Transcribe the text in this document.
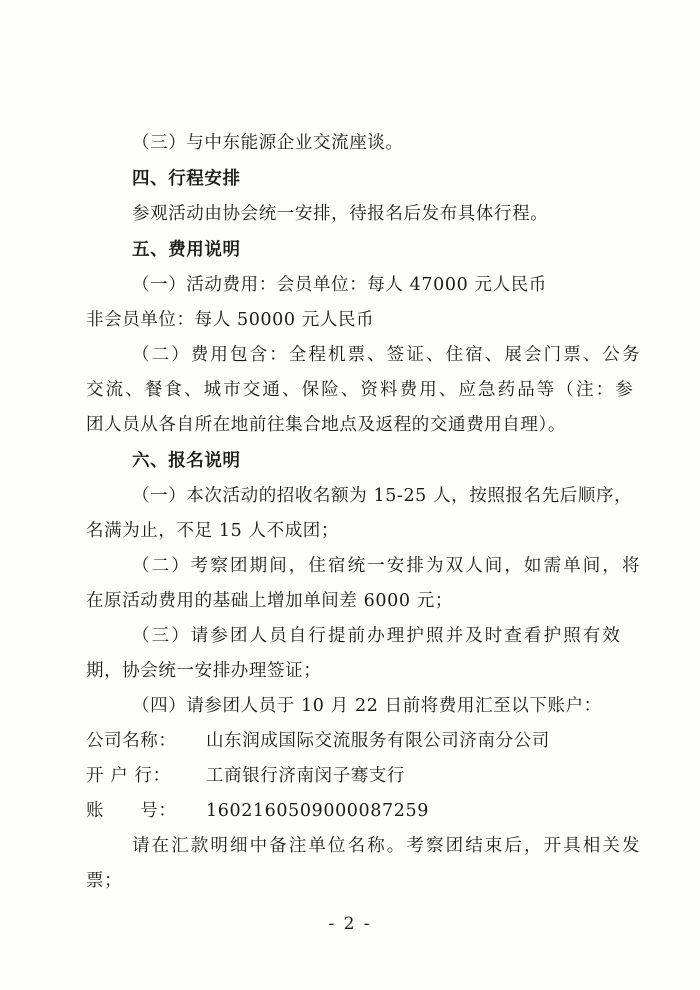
（三）与中东能源企业交流座谈。
四、行程安排
参观活动由协会统一安排，待报名后发布具体行程。
五、费用说明
（一）活动费用：会员单位：每人 47000 元人民币
非会员单位：每人 50000 元人民币
（二）费用包含：全程机票、签证、住宿、展会门票、公务
交流、餐食、城市交通、保险、资料费用、应急药品等（注：参
团人员从各自所在地前往集合地点及返程的交通费用自理）。
六、报名说明
（一）本次活动的招收名额为 15-25 人，按照报名先后顺序，
名满为止，不足 15 人不成团；
（二）考察团期间，住宿统一安排为双人间，如需单间，将
在原活动费用的基础上增加单间差 6000 元；
（三）请参团人员自行提前办理护照并及时查看护照有效
期，协会统一安排办理签证；
（四）请参团人员于 10 月 22 日前将费用汇至以下账户：
公司名称：	山东润成国际交流服务有限公司济南分公司
开 户 行：	工商银行济南闵子骞支行
账　　号：	1602160509000087259
请在汇款明细中备注单位名称。考察团结束后，开具相关发
票；
- 2 -
